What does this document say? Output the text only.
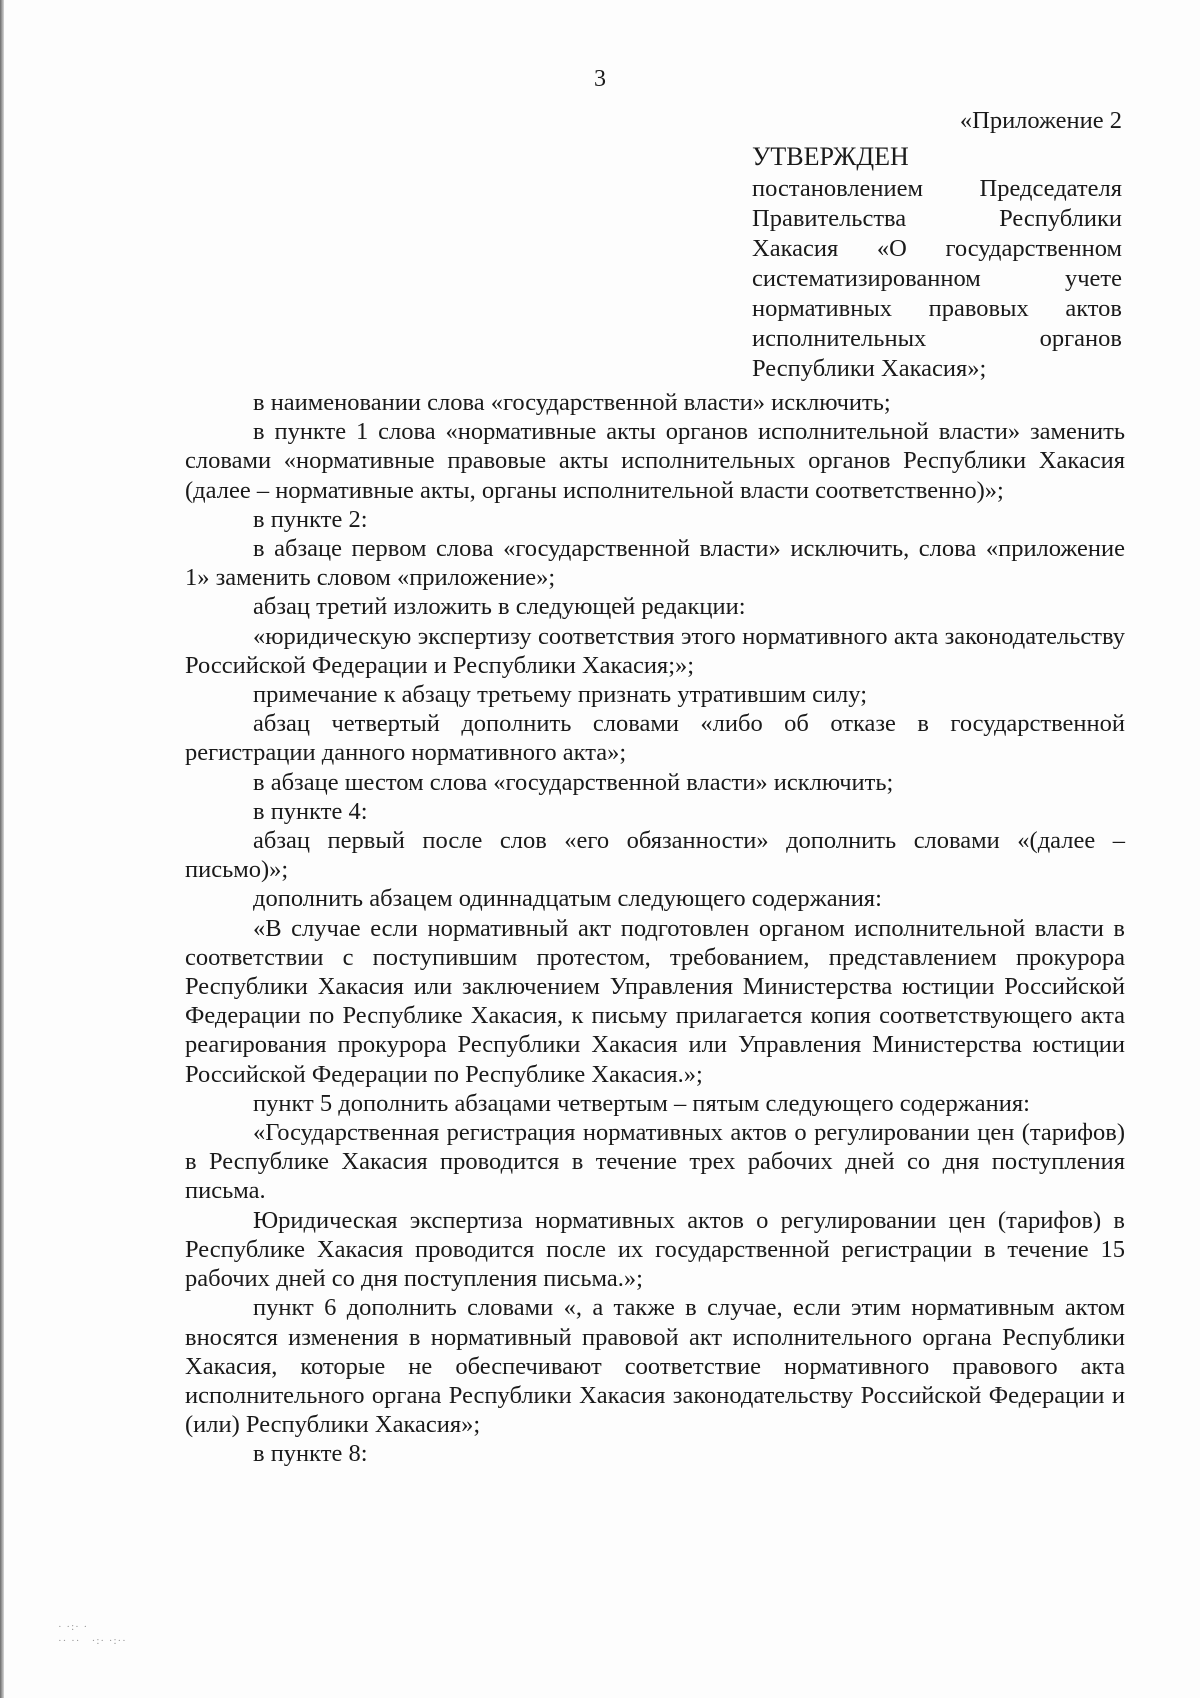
3

«Приложение 2

УТВЕРЖДЕН

постановлением Председателя Правительства Республики Хакасия «О государственном систематизированном учете нормативных правовых актов исполнительных органов Республики Хакасия»;

в наименовании слова «государственной власти» исключить;

в пункте 1 слова «нормативные акты органов исполнительной власти» заменить словами «нормативные правовые акты исполнительных органов Республики Хакасия (далее – нормативные акты, органы исполнительной власти соответственно)»;

в пункте 2:

в абзаце первом слова «государственной власти» исключить, слова «приложение 1» заменить словом «приложение»;

абзац третий изложить в следующей редакции:

«юридическую экспертизу соответствия этого нормативного акта законодательству Российской Федерации и Республики Хакасия;»;

примечание к абзацу третьему признать утратившим силу;

абзац четвертый дополнить словами «либо об отказе в государственной регистрации данного нормативного акта»;

в абзаце шестом слова «государственной власти» исключить;

в пункте 4:

абзац первый после слов «его обязанности» дополнить словами «(далее – письмо)»;

дополнить абзацем одиннадцатым следующего содержания:

«В случае если нормативный акт подготовлен органом исполнительной власти в соответствии с поступившим протестом, требованием, представлением прокурора Республики Хакасия или заключением Управления Министерства юстиции Российской Федерации по Республике Хакасия, к письму прилагается копия соответствующего акта реагирования прокурора Республики Хакасия или Управления Министерства юстиции Российской Федерации по Республике Хакасия.»;

пункт 5 дополнить абзацами четвертым – пятым следующего содержания:

«Государственная регистрация нормативных актов о регулировании цен (тарифов) в Республике Хакасия проводится в течение трех рабочих дней со дня поступления письма.

Юридическая экспертиза нормативных актов о регулировании цен (тарифов) в Республике Хакасия проводится после их государственной регистрации в течение 15 рабочих дней со дня поступления письма.»;

пункт 6 дополнить словами «, а также в случае, если этим нормативным актом вносятся изменения в нормативный правовой акт исполнительного органа Республики Хакасия, которые не обеспечивают соответствие нормативного правового акта исполнительного органа Республики Хакасия законодательству Российской Федерации и (или) Республики Хакасия»;

в пункте 8:

· ·:· ·
·· ··   ·:· ·:··
